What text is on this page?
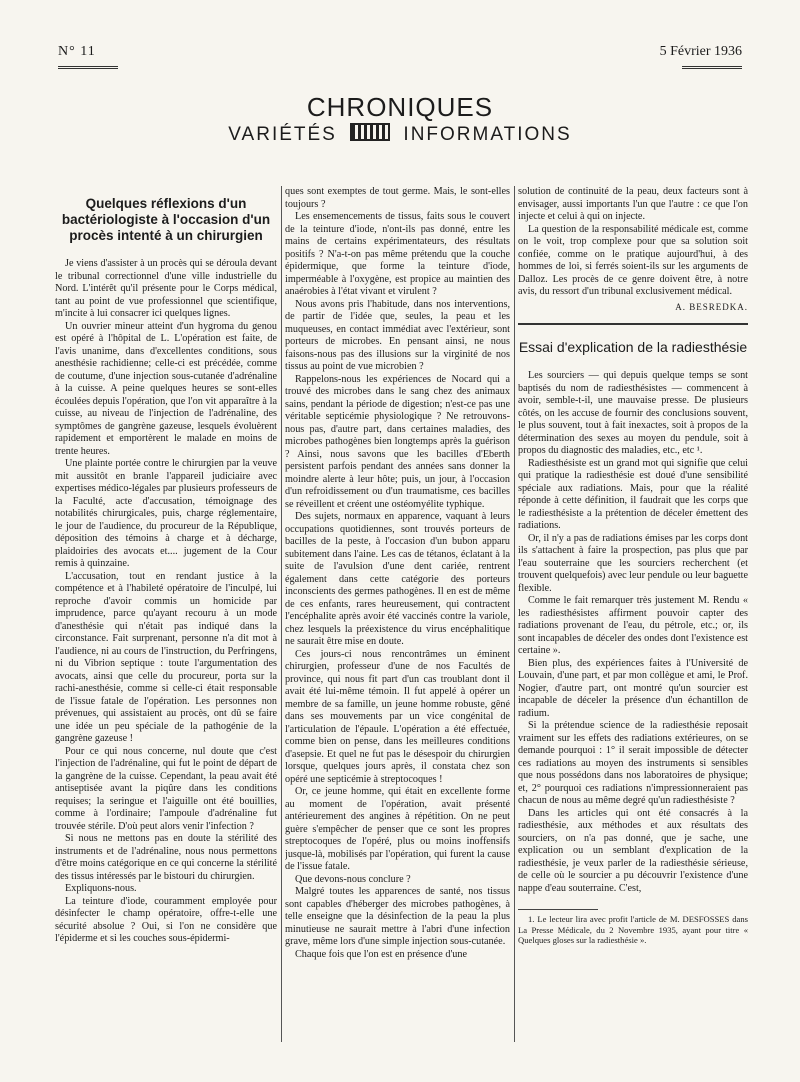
N° 11	5 Février 1936
CHRONIQUES
VARIÉTÉS	INFORMATIONS
Quelques réflexions d'un bactériologiste à l'occasion d'un procès intenté à un chirurgien

Je viens d'assister à un procès qui se déroula devant le tribunal correctionnel d'une ville industrielle du Nord. L'intérêt qu'il présente pour le Corps médical, tant au point de vue professionnel que scientifique, m'incite à lui consacrer ici quelques lignes.

Un ouvrier mineur atteint d'un hygroma du genou est opéré à l'hôpital de L. L'opération est faite, de l'avis unanime, dans d'excellentes conditions, sous anesthésie rachidienne; celle-ci est précédée, comme de coutume, d'une injection sous-cutanée d'adrénaline à la cuisse. A peine quelques heures se sont-elles écoulées depuis l'opération, que l'on vit apparaître à la cuisse, au niveau de l'injection de l'adrénaline, des symptômes de gangrène gazeuse, lesquels évoluèrent rapidement et emportèrent le malade en moins de trente heures.

Une plainte portée contre le chirurgien par la veuve mit aussitôt en branle l'appareil judiciaire avec expertises médico-légales par plusieurs professeurs de la Faculté, acte d'accusation, témoignage des notabilités chirurgicales, puis, charge réglementaire, le jour de l'audience, du procureur de la République, déposition des témoins à charge et à décharge, plaidoiries des avocats et.... jugement de la Cour remis à quinzaine.

L'accusation, tout en rendant justice à la compétence et à l'habileté opératoire de l'inculpé, lui reproche d'avoir commis un homicide par imprudence, parce qu'ayant recouru à un mode d'anesthésie qui n'était pas indiqué dans la circonstance. Fait surprenant, personne n'a dit mot à l'audience, ni au cours de l'instruction, du Perfringens, ni du Vibrion septique : toute l'argumentation des avocats, ainsi que celle du procureur, porta sur la rachi-anesthésie, comme si celle-ci était responsable de l'issue fatale de l'opération. Les personnes non prévenues, qui assistaient au procès, ont dû se faire une idée un peu spéciale de la pathogénie de la gangrène gazeuse !

Pour ce qui nous concerne, nul doute que c'est l'injection de l'adrénaline, qui fut le point de départ de la gangrène de la cuisse. Cependant, la peau avait été antiseptisée avant la piqûre dans les conditions requises; la seringue et l'aiguille ont été bouillies, comme à l'ordinaire; l'ampoule d'adrénaline fut trouvée stérile. D'où peut alors venir l'infection ?

Si nous ne mettons pas en doute la stérilité des instruments et de l'adrénaline, nous nous permettons d'être moins catégorique en ce qui concerne la stérilité des tissus intéressés par le bistouri du chirurgien.

Expliquons-nous.

La teinture d'iode, couramment employée pour désinfecter le champ opératoire, offre-t-elle une sécurité absolue ? Oui, si l'on ne considère que l'épiderme et si les couches sous-épidermi-

ques sont exemptes de tout germe. Mais, le sont-elles toujours ?

Les ensemencements de tissus, faits sous le couvert de la teinture d'iode, n'ont-ils pas donné, entre les mains de certains expérimentateurs, des résultats positifs ? N'a-t-on pas même prétendu que la couche épidermique, que forme la teinture d'iode, imperméable à l'oxygène, est propice au maintien des anaérobies à l'état vivant et virulent ?

Nous avons pris l'habitude, dans nos interventions, de partir de l'idée que, seules, la peau et les muqueuses, en contact immédiat avec l'extérieur, sont porteurs de microbes. En pensant ainsi, ne nous faisons-nous pas des illusions sur la virginité de nos tissus au point de vue microbien ?

Rappelons-nous les expériences de Nocard qui a trouvé des microbes dans le sang chez des animaux sains, pendant la période de digestion; n'est-ce pas une véritable septicémie physiologique ? Ne retrouvons-nous pas, d'autre part, dans certaines maladies, des microbes pathogènes bien longtemps après la guérison ? Ainsi, nous savons que les bacilles d'Eberth persistent parfois pendant des années sans donner la moindre alerte à leur hôte; puis, un jour, à l'occasion d'un refroidissement ou d'un traumatisme, ces bacilles se réveillent et créent une ostéomyélite typhique.

Des sujets, normaux en apparence, vaquant à leurs occupations quotidiennes, sont trouvés porteurs de bacilles de la peste, à l'occasion d'un bubon apparu subitement dans l'aine. Les cas de tétanos, éclatant à la suite de l'avulsion d'une dent cariée, rentrent également dans cette catégorie des porteurs inconscients des germes pathogènes. Il en est de même de ces enfants, rares heureusement, qui contractent l'encéphalite après avoir été vaccinés contre la variole, chez lesquels la préexistence du virus encéphalitique ne saurait être mise en doute.

Ces jours-ci nous rencontrâmes un éminent chirurgien, professeur d'une de nos Facultés de province, qui nous fit part d'un cas troublant dont il avait été lui-même témoin. Il fut appelé à opérer un membre de sa famille, un jeune homme robuste, gêné dans ses mouvements par un vice congénital de l'articulation de l'épaule. L'opération a été effectuée, comme bien on pense, dans les meilleures conditions d'asepsie. Et quel ne fut pas le désespoir du chirurgien lorsque, quelques jours après, il constata chez son opéré une septicémie à streptocoques !

Or, ce jeune homme, qui était en excellente forme au moment de l'opération, avait présenté antérieurement des angines à répétition. On ne peut guère s'empêcher de penser que ce sont les propres streptocoques de l'opéré, plus ou moins inoffensifs jusque-là, mobilisés par l'opération, qui furent la cause de l'issue fatale.

Que devons-nous conclure ?

Malgré toutes les apparences de santé, nos tissus sont capables d'héberger des microbes pathogènes, à telle enseigne que la désinfection de la peau la plus minutieuse ne saurait mettre à l'abri d'une infection grave, même lors d'une simple injection sous-cutanée.

Chaque fois que l'on est en présence d'une

solution de continuité de la peau, deux facteurs sont à envisager, aussi importants l'un que l'autre : ce que l'on injecte et celui à qui on injecte.

La question de la responsabilité médicale est, comme on le voit, trop complexe pour que sa solution soit confiée, comme on le pratique aujourd'hui, à des hommes de loi, si ferrés soient-ils sur les arguments de Dalloz. Les procès de ce genre doivent être, à notre avis, du ressort d'un tribunal exclusivement médical.

A. BESREDKA.
Essai d'explication de la radiesthésie

Les sourciers — qui depuis quelque temps se sont baptisés du nom de radiesthésistes — commencent à avoir, semble-t-il, une mauvaise presse. De plusieurs côtés, on les accuse de fournir des conclusions souvent, le plus souvent, tout à fait inexactes, soit à propos de la détermination des sexes au moyen du pendule, soit à propos du diagnostic des maladies, etc., etc ¹.

Radiesthésiste est un grand mot qui signifie que celui qui pratique la radiesthésie est doué d'une sensibilité spéciale aux radiations. Mais, pour que la réalité réponde à cette définition, il faudrait que les corps que le radiesthésiste a la prétention de déceler émettent des radiations.

Or, il n'y a pas de radiations émises par les corps dont ils s'attachent à faire la prospection, pas plus que par l'eau souterraine que les sourciers recherchent (et trouvent quelquefois) avec leur pendule ou leur baguette flexible.

Comme le fait remarquer très justement M. Rendu « les radiesthésistes affirment pouvoir capter des radiations provenant de l'eau, du pétrole, etc.; or, ils sont incapables de déceler des ondes dont l'existence est certaine ».

Bien plus, des expériences faites à l'Université de Louvain, d'une part, et par mon collègue et ami, le Prof. Nogier, d'autre part, ont montré qu'un sourcier est incapable de déceler la présence d'un échantillon de radium.

Si la prétendue science de la radiesthésie reposait vraiment sur les effets des radiations extérieures, on se demande pourquoi : 1° il serait impossible de détecter ces radiations au moyen des instruments si sensibles que nous possédons dans nos laboratoires de physique; et, 2° pourquoi ces radiations n'impressionneraient pas chacun de nous au même degré qu'un radiesthésiste ?

Dans les articles qui ont été consacrés à la radiesthésie, aux méthodes et aux résultats des sourciers, on n'a pas donné, que je sache, une explication ou un semblant d'explication de la radiesthésie, je veux parler de la radiesthésie sérieuse, de celle où le sourcier a pu découvrir l'existence d'une nappe d'eau souterraine. C'est,

1. Le lecteur lira avec profit l'article de M. DESFOSSES dans La Presse Médicale, du 2 Novembre 1935, ayant pour titre « Quelques gloses sur la radiesthésie ».
